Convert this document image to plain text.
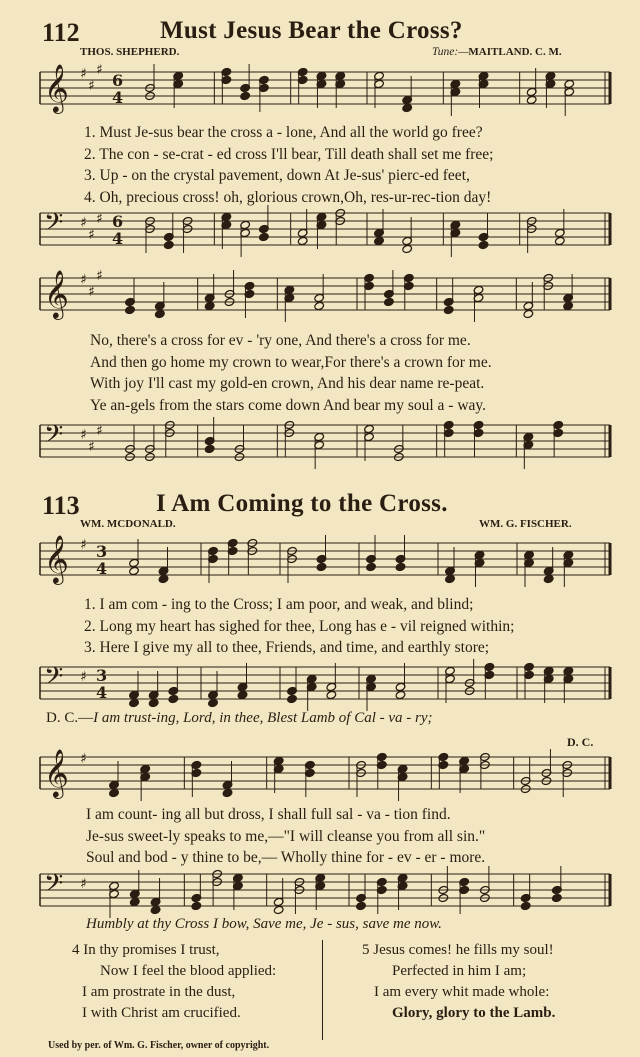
112	Must Jesus Bear the Cross?
THOS. SHEPHERD.	Tune:—MAITLAND. C. M.
𝄞 ♯
♯
♯
6
4
𝄢 ♯
♯
♯ 6
4
1. Must Je-sus bear the cross a - lone, And all the world go free?
2. The con - se-crat - ed cross I'll bear, Till death shall set me free;
3. Up - on the crystal pavement, down At Je-sus' pierc-ed feet,
4. Oh, precious cross! oh, glorious crown,Oh, res-ur-rec-tion day!
𝄞 ♯
♯
♯
𝄢 ♯
♯
♯
No, there's a cross for ev - 'ry one, And there's a cross for me.
And then go home my crown to wear,For there's a crown for me.
With joy I'll cast my gold-en crown, And his dear name re-peat.
Ye an-gels from the stars come down And bear my soul a - way.
113	I Am Coming to the Cross.
WM. MCDONALD.	WM. G. FISCHER.
𝄞 ♯ 3
4
𝄢 ♯ 3
4
1. I am com - ing to the Cross; I am poor, and weak, and blind;
2. Long my heart has sighed for thee, Long has e - vil reigned within;
3. Here I give my all to thee, Friends, and time, and earthly store;
D. C.—I am trust-ing, Lord, in thee, Blest Lamb of Cal - va - ry;
D. C.
𝄞 ♯
𝄢 ♯
I am count- ing all but dross, I shall full sal - va - tion find.
Je-sus sweet-ly speaks to me,—"I will cleanse you from all sin."
Soul and bod - y thine to be,— Wholly thine for - ev - er - more.
Humbly at thy Cross I bow, Save me, Je - sus, save me now.
4 In thy promises I trust,
Now I feel the blood applied:
I am prostrate in the dust,
I with Christ am crucified.
5 Jesus comes! he fills my soul!
Perfected in him I am;
I am every whit made whole:
Glory, glory to the Lamb.
Used by per. of Wm. G. Fischer, owner of copyright.
